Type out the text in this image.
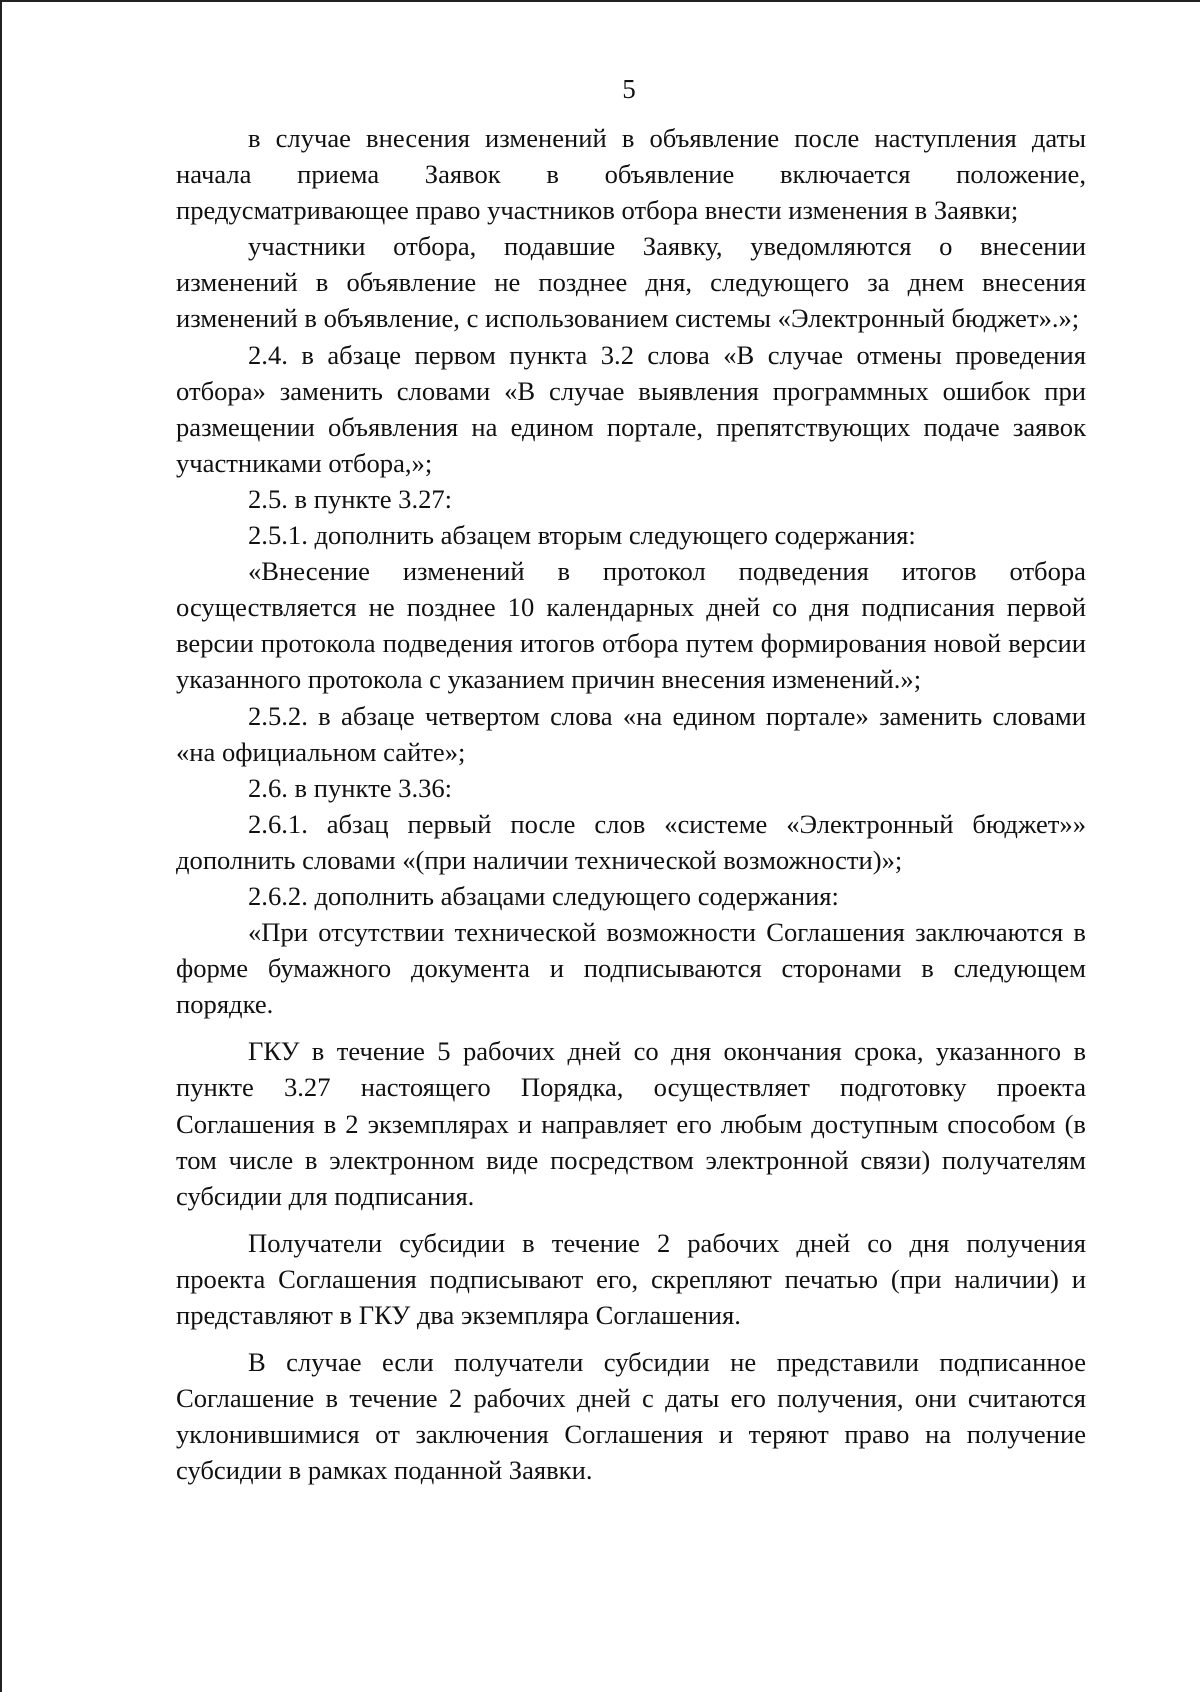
5

в случае внесения изменений в объявление после наступления даты начала приема Заявок в объявление включается положение, предусматривающее право участников отбора внести изменения в Заявки;

участники отбора, подавшие Заявку, уведомляются о внесении изменений в объявление не позднее дня, следующего за днем внесения изменений в объявление, с использованием системы «Электронный бюджет».»;

2.4. в абзаце первом пункта 3.2 слова «В случае отмены проведения отбора» заменить словами «В случае выявления программных ошибок при размещении объявления на едином портале, препятствующих подаче заявок участниками отбора,»;

2.5. в пункте 3.27:

2.5.1. дополнить абзацем вторым следующего содержания:

«Внесение изменений в протокол подведения итогов отбора осуществляется не позднее 10 календарных дней со дня подписания первой версии протокола подведения итогов отбора путем формирования новой версии указанного протокола с указанием причин внесения изменений.»;

2.5.2. в абзаце четвертом слова «на едином портале» заменить словами «на официальном сайте»;

2.6. в пункте 3.36:

2.6.1. абзац первый после слов «системе «Электронный бюджет»» дополнить словами «(при наличии технической возможности)»;

2.6.2. дополнить абзацами следующего содержания:

«При отсутствии технической возможности Соглашения заключаются в форме бумажного документа и подписываются сторонами в следующем порядке.

ГКУ в течение 5 рабочих дней со дня окончания срока, указанного в пункте 3.27 настоящего Порядка, осуществляет подготовку проекта Соглашения в 2 экземплярах и направляет его любым доступным способом (в том числе в электронном виде посредством электронной связи) получателям субсидии для подписания.

Получатели субсидии в течение 2 рабочих дней со дня получения проекта Соглашения подписывают его, скрепляют печатью (при наличии) и представляют в ГКУ два экземпляра Соглашения.

В случае если получатели субсидии не представили подписанное Соглашение в течение 2 рабочих дней с даты его получения, они считаются уклонившимися от заключения Соглашения и теряют право на получение субсидии в рамках поданной Заявки.
